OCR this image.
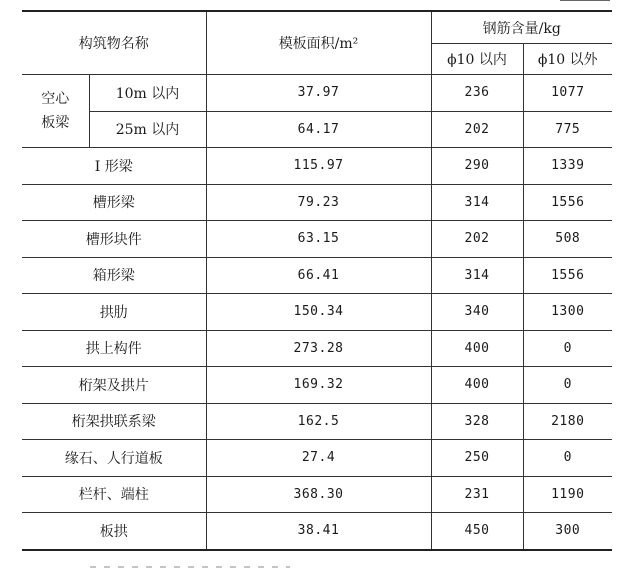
构筑物名称		模板面积/m²	钢筋含量/kg	
			ϕ10 以内	ϕ10 以外
空心板梁	10m 以内	37.97	236	1077
	25m 以内	64.17	202	775
I 形梁		115.97	290	1339
槽形梁		79.23	314	1556
槽形块件		63.15	202	508
箱形梁		66.41	314	1556
拱肋		150.34	340	1300
拱上构件		273.28	400	0
桁架及拱片		169.32	400	0
桁架拱联系梁		162.5	328	2180
缘石、人行道板		27.4	250	0
栏杆、端柱		368.30	231	1190
板拱		38.41	450	300
